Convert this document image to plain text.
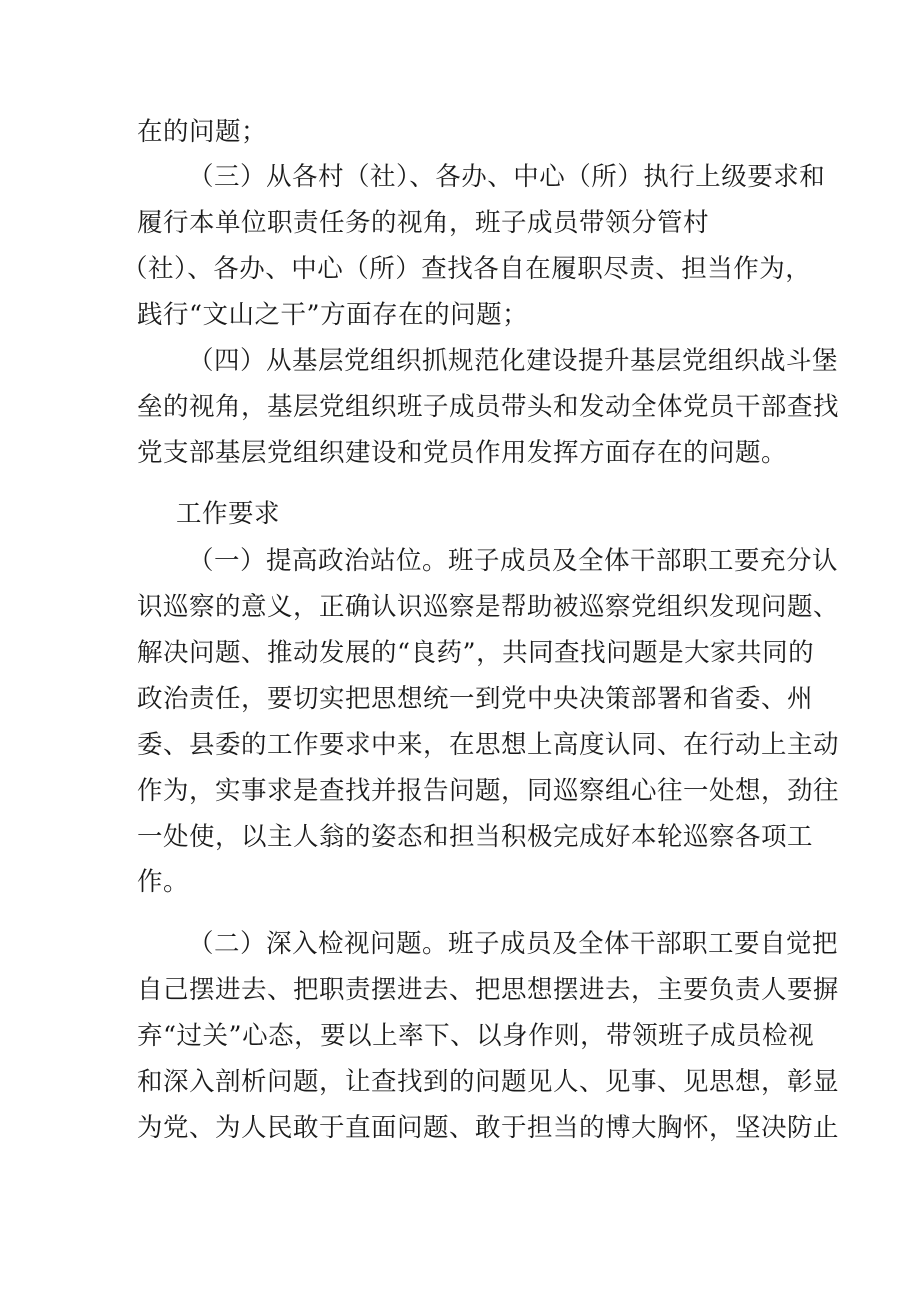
在的问题；
（三）从各村（社）、各办、中心（所）执行上级要求和
履行本单位职责任务的视角，班子成员带领分管村
（社）、各办、中心（所）查找各自在履职尽责、担当作为，
践行“文山之干”方面存在的问题；
（四）从基层党组织抓规范化建设提升基层党组织战斗堡
垒的视角，基层党组织班子成员带头和发动全体党员干部查找
党支部基层党组织建设和党员作用发挥方面存在的问题。
工作要求
（一）提高政治站位。班子成员及全体干部职工要充分认
识巡察的意义，正确认识巡察是帮助被巡察党组织发现问题、
解决问题、推动发展的“良药”，共同查找问题是大家共同的
政治责任，要切实把思想统一到党中央决策部署和省委、州
委、县委的工作要求中来，在思想上高度认同、在行动上主动
作为，实事求是查找并报告问题，同巡察组心往一处想，劲往
一处使，以主人翁的姿态和担当积极完成好本轮巡察各项工
作。
（二）深入检视问题。班子成员及全体干部职工要自觉把
自己摆进去、把职责摆进去、把思想摆进去，主要负责人要摒
弃“过关”心态，要以上率下、以身作则，带领班子成员检视
和深入剖析问题，让查找到的问题见人、见事、见思想，彰显
为党、为人民敢于直面问题、敢于担当的博大胸怀，坚决防止
